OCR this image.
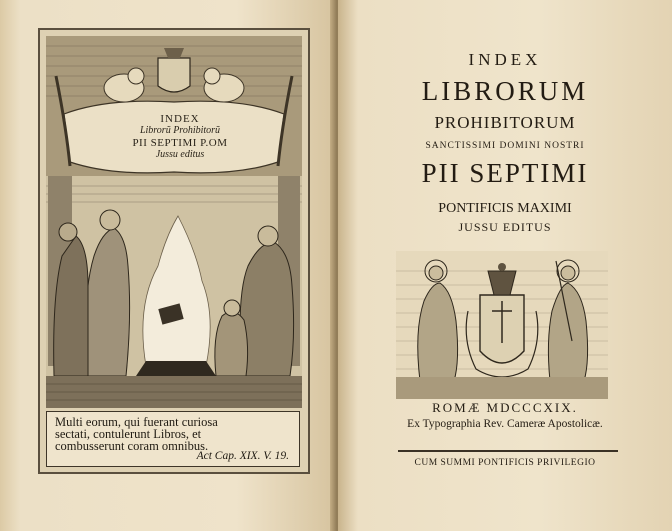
INDEX
Librorũ Prohibitorũ
PII SEPTIMI P.OM
Jussu editus
Multi eorum, qui fuerant curiosa
sectati, contulerunt Libros, et
combusserunt coram omnibus.
Act Cap. XIX. V. 19.
INDEX
LIBRORUM
PROHIBITORUM
SANCTISSIMI DOMINI NOSTRI
PII SEPTIMI
PONTIFICIS MAXIMI
JUSSU EDITUS
ROMÆ MDCCCXIX.
Ex Typographia Rev. Cameræ Apostolicæ.
CUM SUMMI PONTIFICIS PRIVILEGIO
